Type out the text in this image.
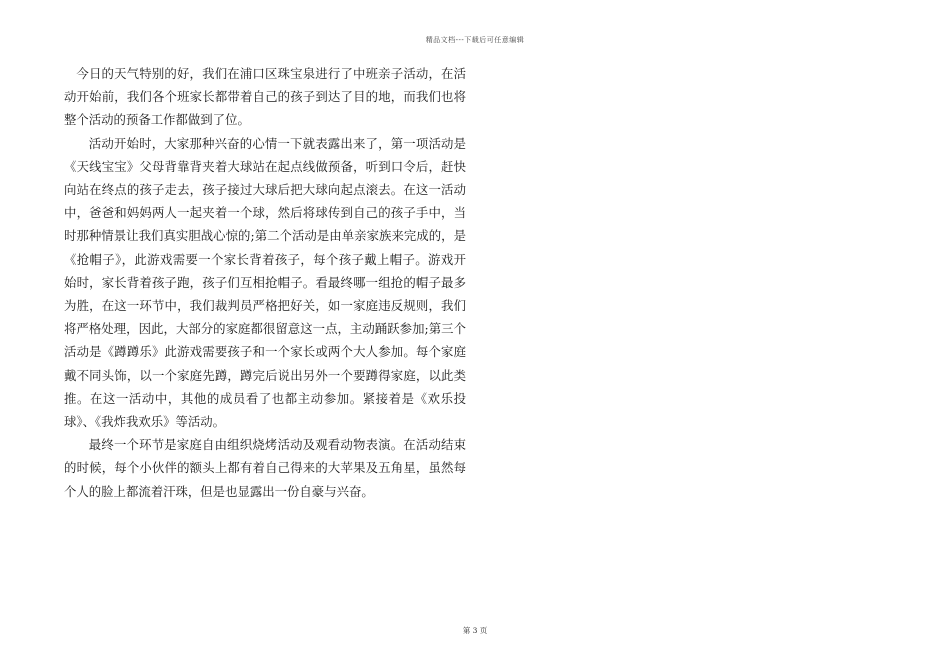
精品文档---下载后可任意编辑

今日的天气特别的好，我们在浦口区珠宝泉进行了中班亲子活动，在活动开始前，我们各个班家长都带着自己的孩子到达了目的地，而我们也将整个活动的预备工作都做到了位。

活动开始时，大家那种兴奋的心情一下就表露出来了，第一项活动是《天线宝宝》父母背靠背夹着大球站在起点线做预备，听到口令后，赶快向站在终点的孩子走去，孩子接过大球后把大球向起点滚去。在这一活动中，爸爸和妈妈两人一起夹着一个球，然后将球传到自己的孩子手中，当时那种情景让我们真实胆战心惊的;第二个活动是由单亲家族来完成的，是《抢帽子》，此游戏需要一个家长背着孩子，每个孩子戴上帽子。游戏开始时，家长背着孩子跑，孩子们互相抢帽子。看最终哪一组抢的帽子最多为胜，在这一环节中，我们裁判员严格把好关，如一家庭违反规则，我们将严格处理，因此，大部分的家庭都很留意这一点，主动踊跃参加;第三个活动是《蹲蹲乐》此游戏需要孩子和一个家长或两个大人参加。每个家庭戴不同头饰，以一个家庭先蹲，蹲完后说出另外一个要蹲得家庭，以此类推。在这一活动中，其他的成员看了也都主动参加。紧接着是《欢乐投球》、《我炸我欢乐》等活动。

最终一个环节是家庭自由组织烧烤活动及观看动物表演。在活动结束的时候，每个小伙伴的额头上都有着自己得来的大苹果及五角星，虽然每个人的脸上都流着汗珠，但是也显露出一份自豪与兴奋。

第 3 页
